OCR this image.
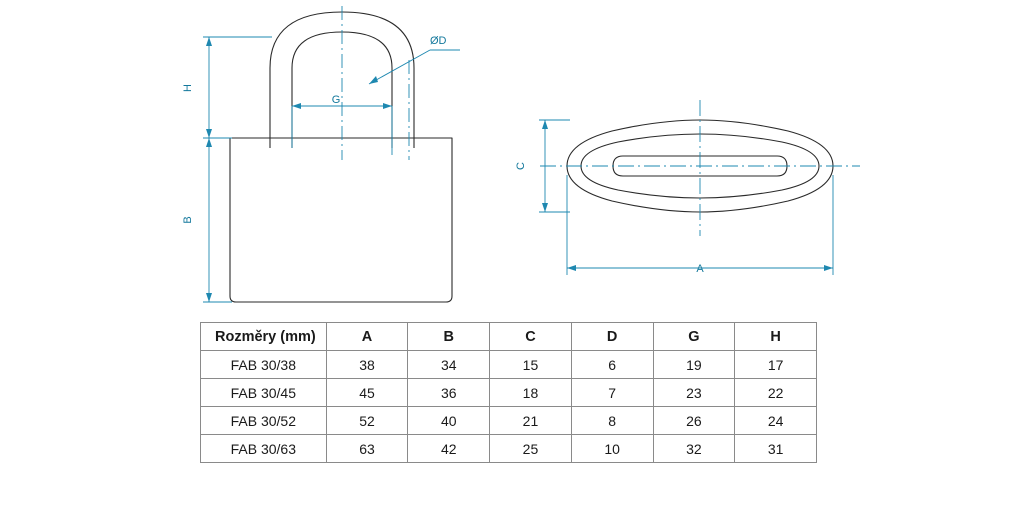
ØD
G
H
B
C
A
Rozměry (mm)	A	B	C	D	G	H
FAB 30/38	38	34	15	6	19	17
FAB 30/45	45	36	18	7	23	22
FAB 30/52	52	40	21	8	26	24
FAB 30/63	63	42	25	10	32	31
